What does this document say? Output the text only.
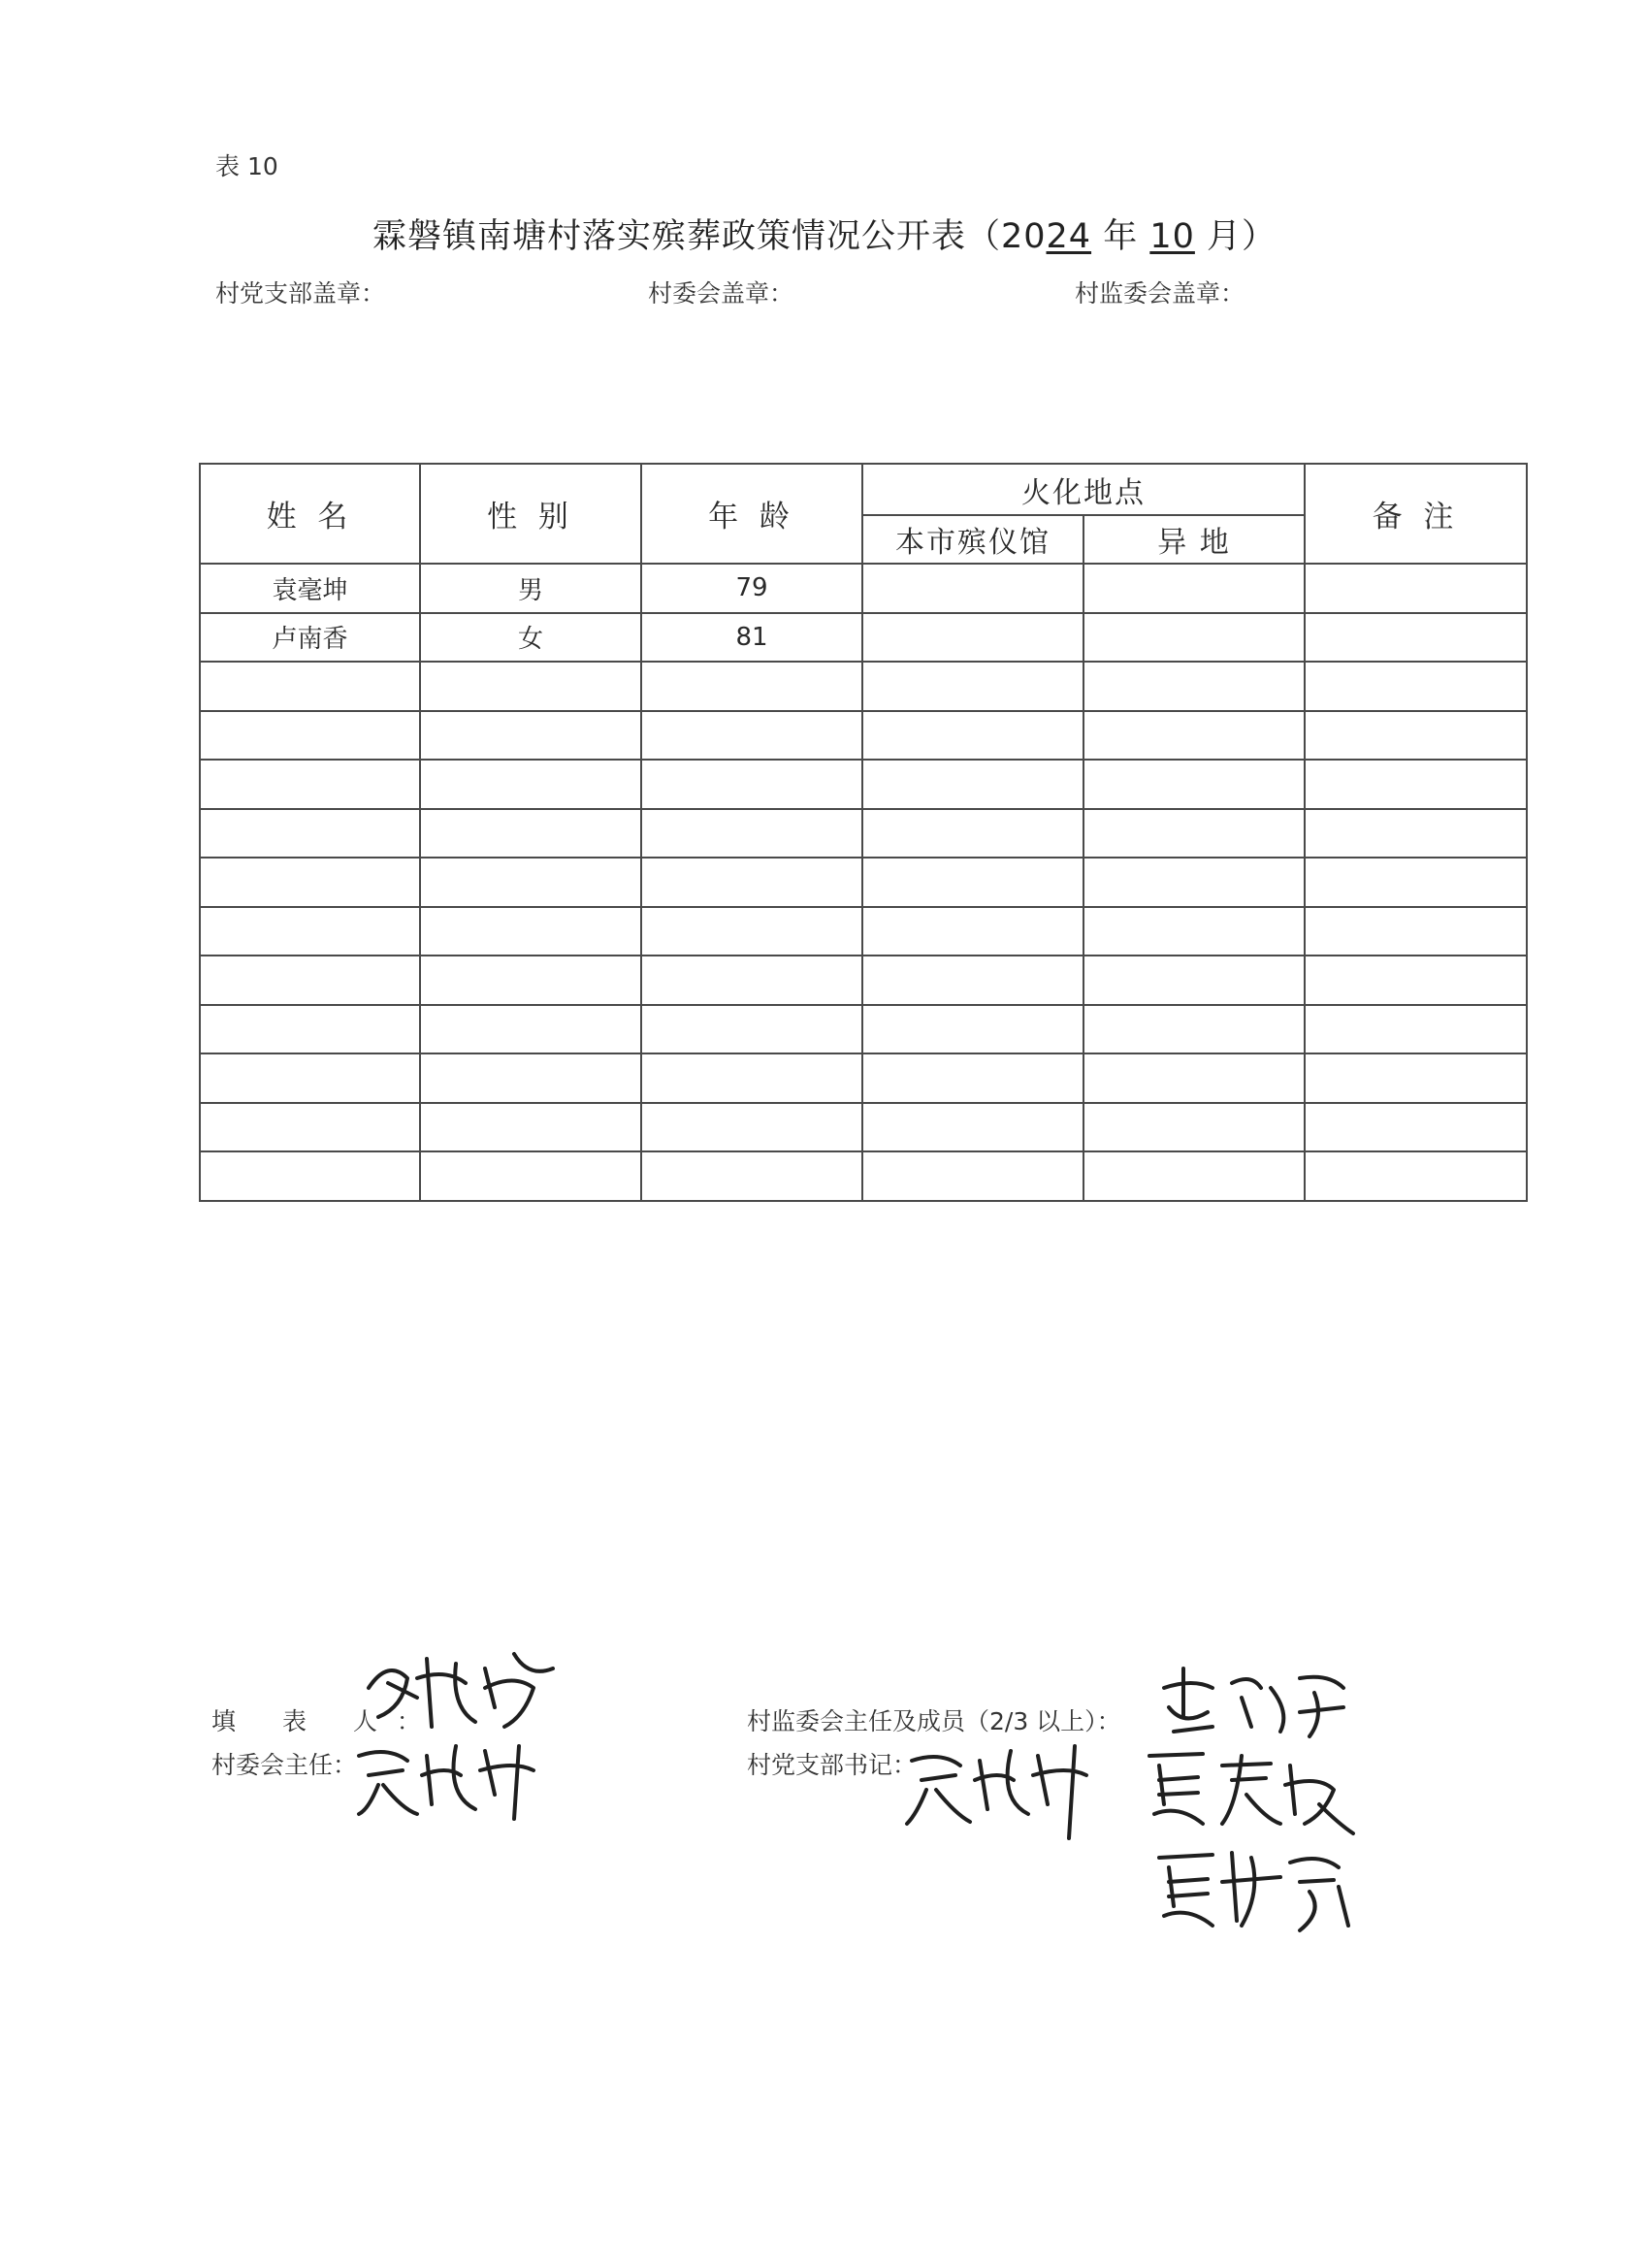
表 10
霖磐镇南塘村落实殡葬政策情况公开表（2024 年 10 月）
村党支部盖章：	村委会盖章：	村监委会盖章：
姓 名	性 别	年 龄	火化地点		备 注
			本市殡仪馆	异 地	
袁毫坤	男	79			
卢南香	女	81			

填 表 人：
村委会主任：
村监委会主任及成员（2/3 以上）：
村党支部书记：
